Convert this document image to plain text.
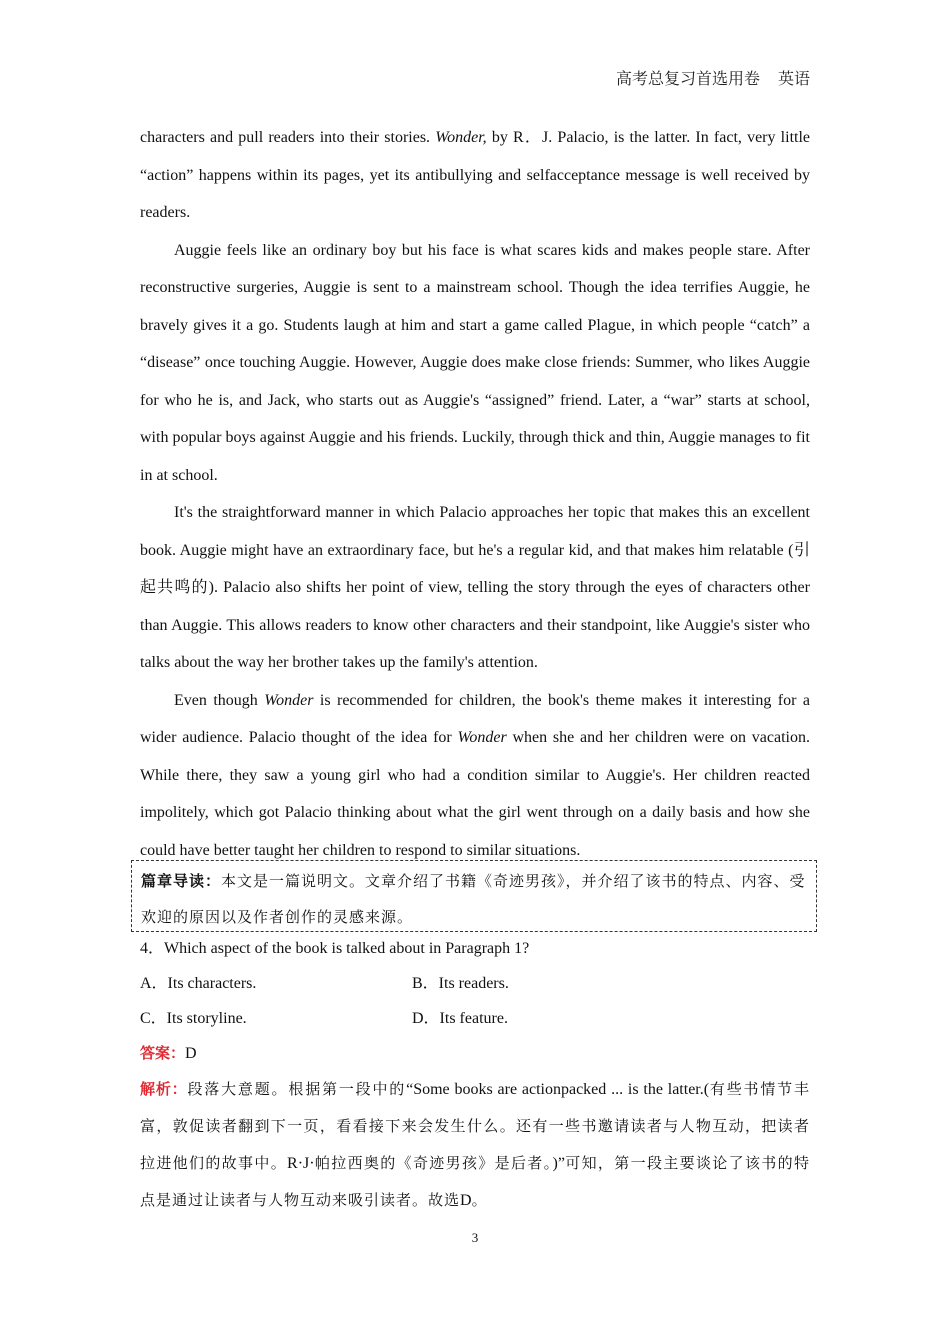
高考总复习首选用卷 英语

characters and pull readers into their stories. Wonder, by R．J. Palacio, is the latter. In fact, very little “action” happens within its pages, yet its antibullying and selfacceptance message is well received by readers.

Auggie feels like an ordinary boy but his face is what scares kids and makes people stare. After reconstructive surgeries, Auggie is sent to a mainstream school. Though the idea terrifies Auggie, he bravely gives it a go. Students laugh at him and start a game called Plague, in which people “catch” a “disease” once touching Auggie. However, Auggie does make close friends: Summer, who likes Auggie for who he is, and Jack, who starts out as Auggie's “assigned” friend. Later, a “war” starts at school, with popular boys against Auggie and his friends. Luckily, through thick and thin, Auggie manages to fit in at school.

It's the straightforward manner in which Palacio approaches her topic that makes this an excellent book. Auggie might have an extraordinary face, but he's a regular kid, and that makes him relatable (引起共鸣的). Palacio also shifts her point of view, telling the story through the eyes of characters other than Auggie. This allows readers to know other characters and their standpoint, like Auggie's sister who talks about the way her brother takes up the family's attention.

Even though Wonder is recommended for children, the book's theme makes it interesting for a wider audience. Palacio thought of the idea for Wonder when she and her children were on vacation. While there, they saw a young girl who had a condition similar to Auggie's. Her children reacted impolitely, which got Palacio thinking about what the girl went through on a daily basis and how she could have better taught her children to respond to similar situations.

篇章导读：本文是一篇说明文。文章介绍了书籍《奇迹男孩》，并介绍了该书的特点、内容、受欢迎的原因以及作者创作的灵感来源。
4．Which aspect of the book is talked about in Paragraph 1?
A．Its characters.	B．Its readers.
C．Its storyline.	D．Its feature.
答案：D
解析：段落大意题。根据第一段中的“Some books are actionpacked ... is the latter.(有些书情节丰富，敦促读者翻到下一页，看看接下来会发生什么。还有一些书邀请读者与人物互动，把读者拉进他们的故事中。R·J·帕拉西奥的《奇迹男孩》是后者。)”可知，第一段主要谈论了该书的特点是通过让读者与人物互动来吸引读者。故选D。
3
